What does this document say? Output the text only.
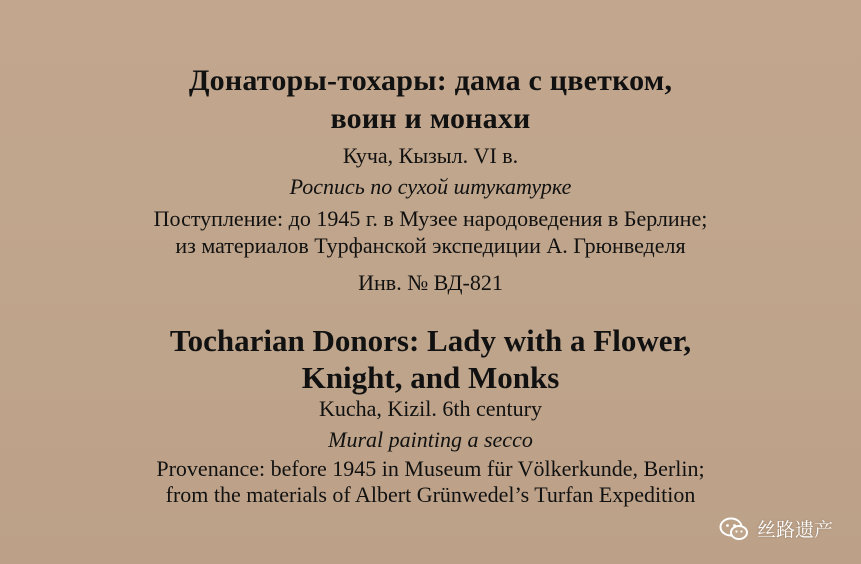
Донаторы-тохары: дама с цветком,
воин и монахи
Куча, Кызыл. VI в.
Роспись по сухой штукатурке
Поступление: до 1945 г. в Музее народоведения в Берлине;
из материалов Турфанской экспедиции А. Грюнведеля
Инв. № ВД-821
Tocharian Donors: Lady with a Flower,
Knight, and Monks
Kucha, Kizil. 6th century
Mural painting a secco
Provenance: before 1945 in Museum für Völkerkunde, Berlin;
from the materials of Albert Grünwedel’s Turfan Expedition
丝路遗产
